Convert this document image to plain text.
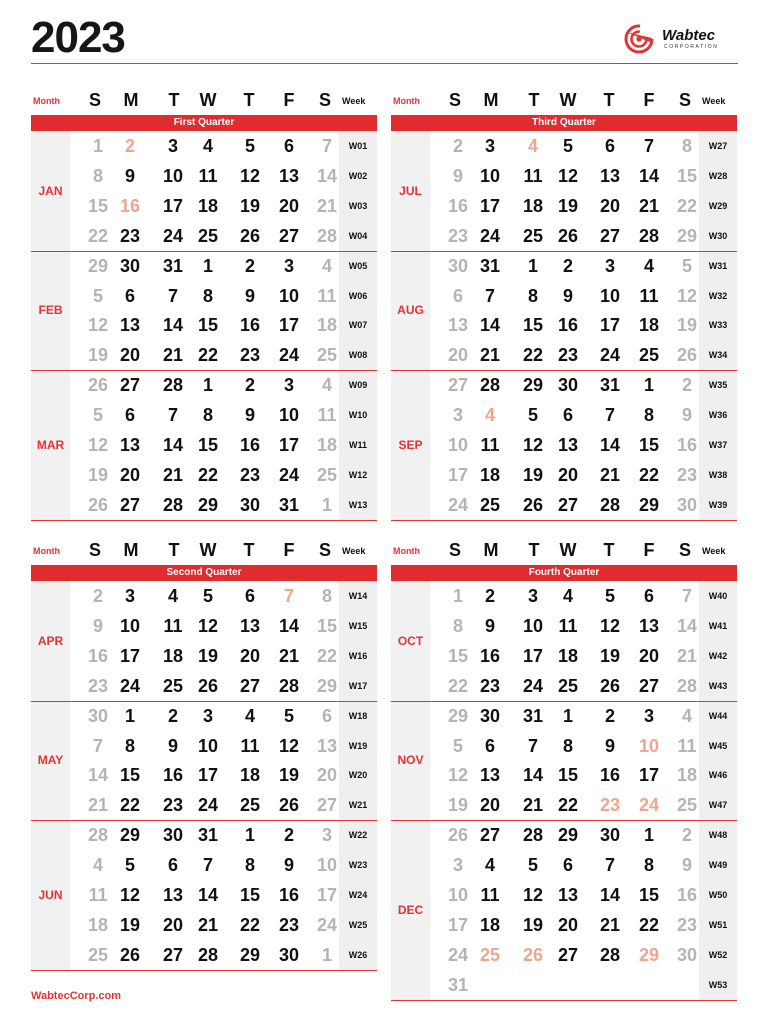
2023	Wabtec
CORPORATION
Month	S	M	T	W	T	F	S	Week
First Quarter
JAN
1	2	3	4	5	6	7	W01
8	9	10 11	12	13 14	W02
15 16	17 18	19	20 21	W03
22 23	24 25	26	27 28	W04
FEB
29 30	31	1	2	3	4	W05
5	6	7	8	9	10	11	W06
12 13	14 15	16	17 18	W07
19 20	21 22	23	24 25	W08
MAR
26 27	28	1	2	3	4	W09
5	6	7	8	9	10	11	W10
12 13	14 15	16	17 18	W11
19 20	21 22	23	24 25	W12
26 27	28 29	30	31	1	W13
Month	S	M	T	W	T	F	S	Week
Third Quarter
JUL
2	3	4	5	6	7	8	W27
9 10	11 12	13	14 15	W28
16 17	18 19	20	21 22	W29
23 24	25 26	27	28 29	W30
AUG
30 31	1	2	3	4	5	W31
6	7	8	9	10	11	12	W32
13 14	15 16	17	18 19	W33
20 21	22 23	24	25 26	W34
SEP
27 28	29 30	31	1	2	W35
3	4	5	6	7	8	9	W36
10 11	12 13	14	15 16	W37
17 18	19 20	21	22 23	W38
24 25	26 27	28	29 30	W39
Month	S	M	T	W	T	F	S	Week
Second Quarter
APR
2	3	4	5	6	7	8	W14
9 10	11 12	13	14 15	W15
16 17	18 19	20	21 22	W16
23 24	25 26	27	28 29	W17
MAY
30 1	2	3	4	5	6	W18
7	8	9	10	11	12 13	W19
14 15	16 17	18	19 20	W20
21 22	23 24	25	26 27	W21
JUN
28 29	30 31	1	2	3	W22
4	5	6	7	8	9	10	W23
11 12	13 14	15	16 17	W24
18 19	20 21	22	23 24	W25
25 26	27 28	29	30	1	W26
Month	S	M	T	W	T	F	S	Week
Fourth Quarter
OCT
1	2	3	4	5	6	7	W40
8	9	10 11	12	13 14	W41
15 16	17 18	19	20 21	W42
22 23	24 25	26	27 28	W43
NOV
29 30	31	1	2	3	4	W44
5	6	7	8	9	10	11	W45
12 13	14 15	16	17 18	W46
19 20	21 22	23	24 25	W47
DEC
26 27	28 29	30	1	2	W48
3	4	5	6	7	8	9	W49
10 11	12 13	14	15 16	W50
17 18	19 20	21	22 23	W51
24 25	26 27	28	29 30	W52
31	W53
WabtecCorp.com
